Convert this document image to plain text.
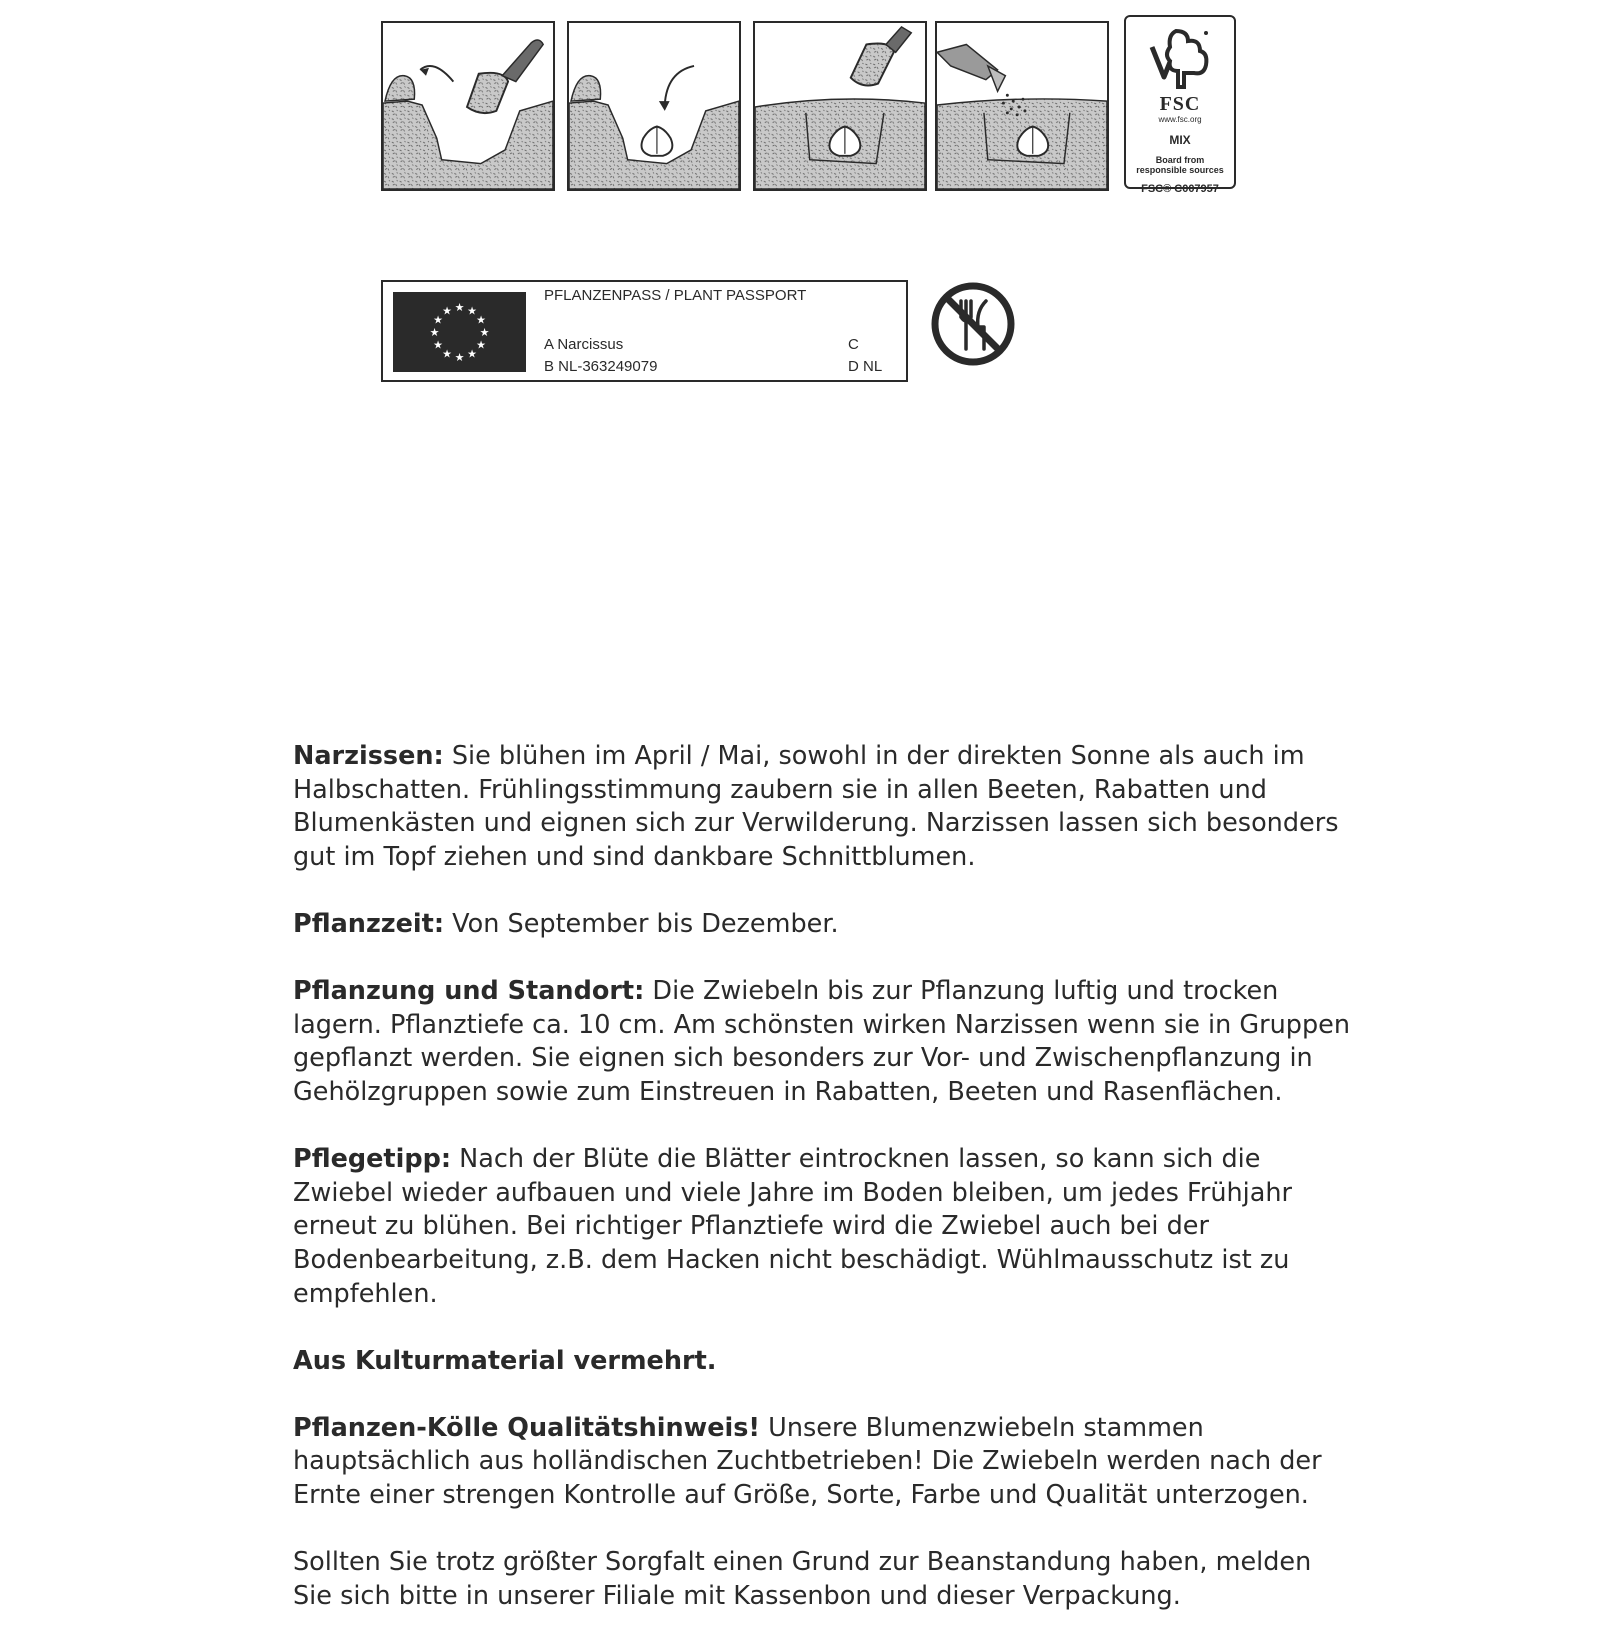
FSC
www.fsc.org
MIX
Board from
responsible sources
FSC® C007957
★ ★
★
★
★
★
★
★
★
★
★
★
PFLANZENPASS / PLANT PASSPORT
A Narcissus
B NL-363249079
C
D NL

Narzissen: Sie blühen im April / Mai, sowohl in der direkten Sonne als auch im Halbschatten. Frühlingsstimmung zaubern sie in allen Beeten, Rabatten und Blumenkästen und eignen sich zur Verwilderung. Narzissen lassen sich besonders gut im Topf ziehen und sind dankbare Schnittblumen.

Pflanzzeit: Von September bis Dezember.

Pflanzung und Standort: Die Zwiebeln bis zur Pflanzung luftig und trocken lagern. Pflanztiefe ca. 10 cm. Am schönsten wirken Narzissen wenn sie in Gruppen gepflanzt werden. Sie eignen sich besonders zur Vor- und Zwischenpflanzung in Gehölzgruppen sowie zum Einstreuen in Rabatten, Beeten und Rasenflächen.

Pflegetipp: Nach der Blüte die Blätter eintrocknen lassen, so kann sich die Zwiebel wieder aufbauen und viele Jahre im Boden bleiben, um jedes Frühjahr erneut zu blühen. Bei richtiger Pflanztiefe wird die Zwiebel auch bei der Bodenbearbeitung, z.B. dem Hacken nicht beschädigt. Wühlmausschutz ist zu empfehlen.

Aus Kulturmaterial vermehrt.

Pflanzen-Kölle Qualitätshinweis! Unsere Blumenzwiebeln stammen hauptsächlich aus holländischen Zuchtbetrieben! Die Zwiebeln werden nach der Ernte einer strengen Kontrolle auf Größe, Sorte, Farbe und Qualität unterzogen.

Sollten Sie trotz größter Sorgfalt einen Grund zur Beanstandung haben, melden Sie sich bitte in unserer Filiale mit Kassenbon und dieser Verpackung.
